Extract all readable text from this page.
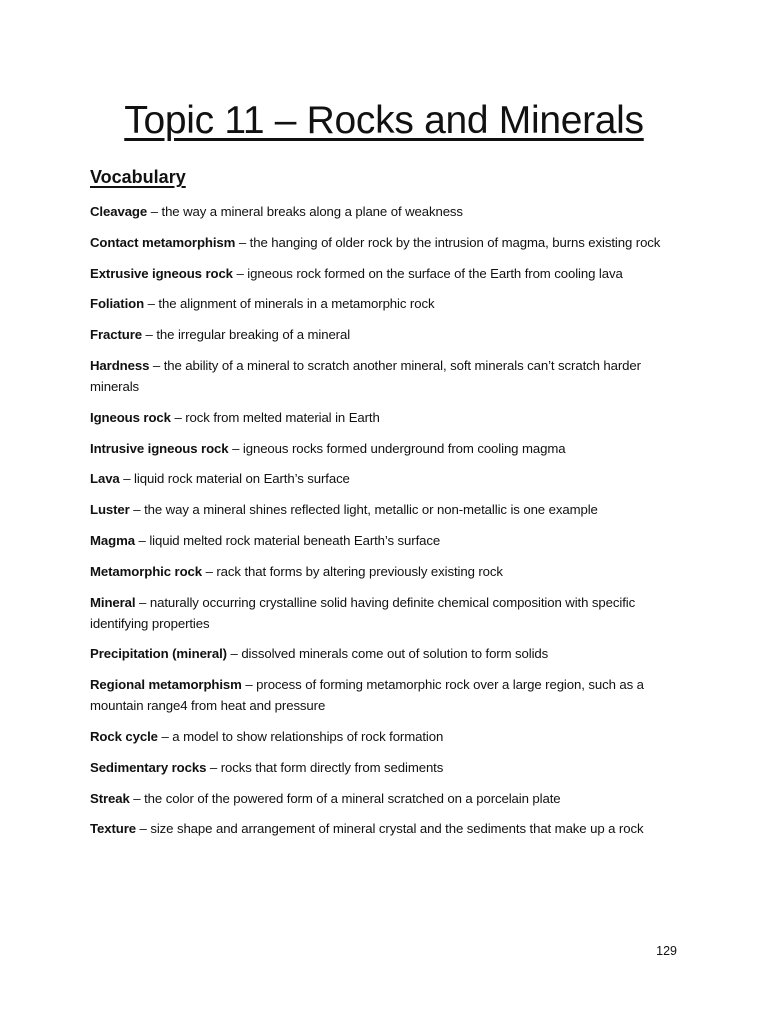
Topic 11 – Rocks and Minerals
Vocabulary
Cleavage – the way a mineral breaks along a plane of weakness
Contact metamorphism – the hanging of older rock by the intrusion of magma, burns existing rock
Extrusive igneous rock – igneous rock formed on the surface of the Earth from cooling lava
Foliation – the alignment of minerals in a metamorphic rock
Fracture – the irregular breaking of a mineral
Hardness – the ability of a mineral to scratch another mineral, soft minerals can’t scratch harder minerals
Igneous rock – rock from melted material in Earth
Intrusive igneous rock – igneous rocks formed underground from cooling magma
Lava – liquid rock material on Earth’s surface
Luster – the way a mineral shines reflected light, metallic or non-metallic is one example
Magma – liquid melted rock material beneath Earth’s surface
Metamorphic rock – rack that forms by altering previously existing rock
Mineral – naturally occurring crystalline solid having definite chemical composition with specific identifying properties
Precipitation (mineral) – dissolved minerals come out of solution to form solids
Regional metamorphism – process of forming metamorphic rock over a large region, such as a mountain range4 from heat and pressure
Rock cycle – a model to show relationships of rock formation
Sedimentary rocks – rocks that form directly from sediments
Streak – the color of the powered form of a mineral scratched on a porcelain plate
Texture – size shape and arrangement of mineral crystal and the sediments that make up a rock
129
